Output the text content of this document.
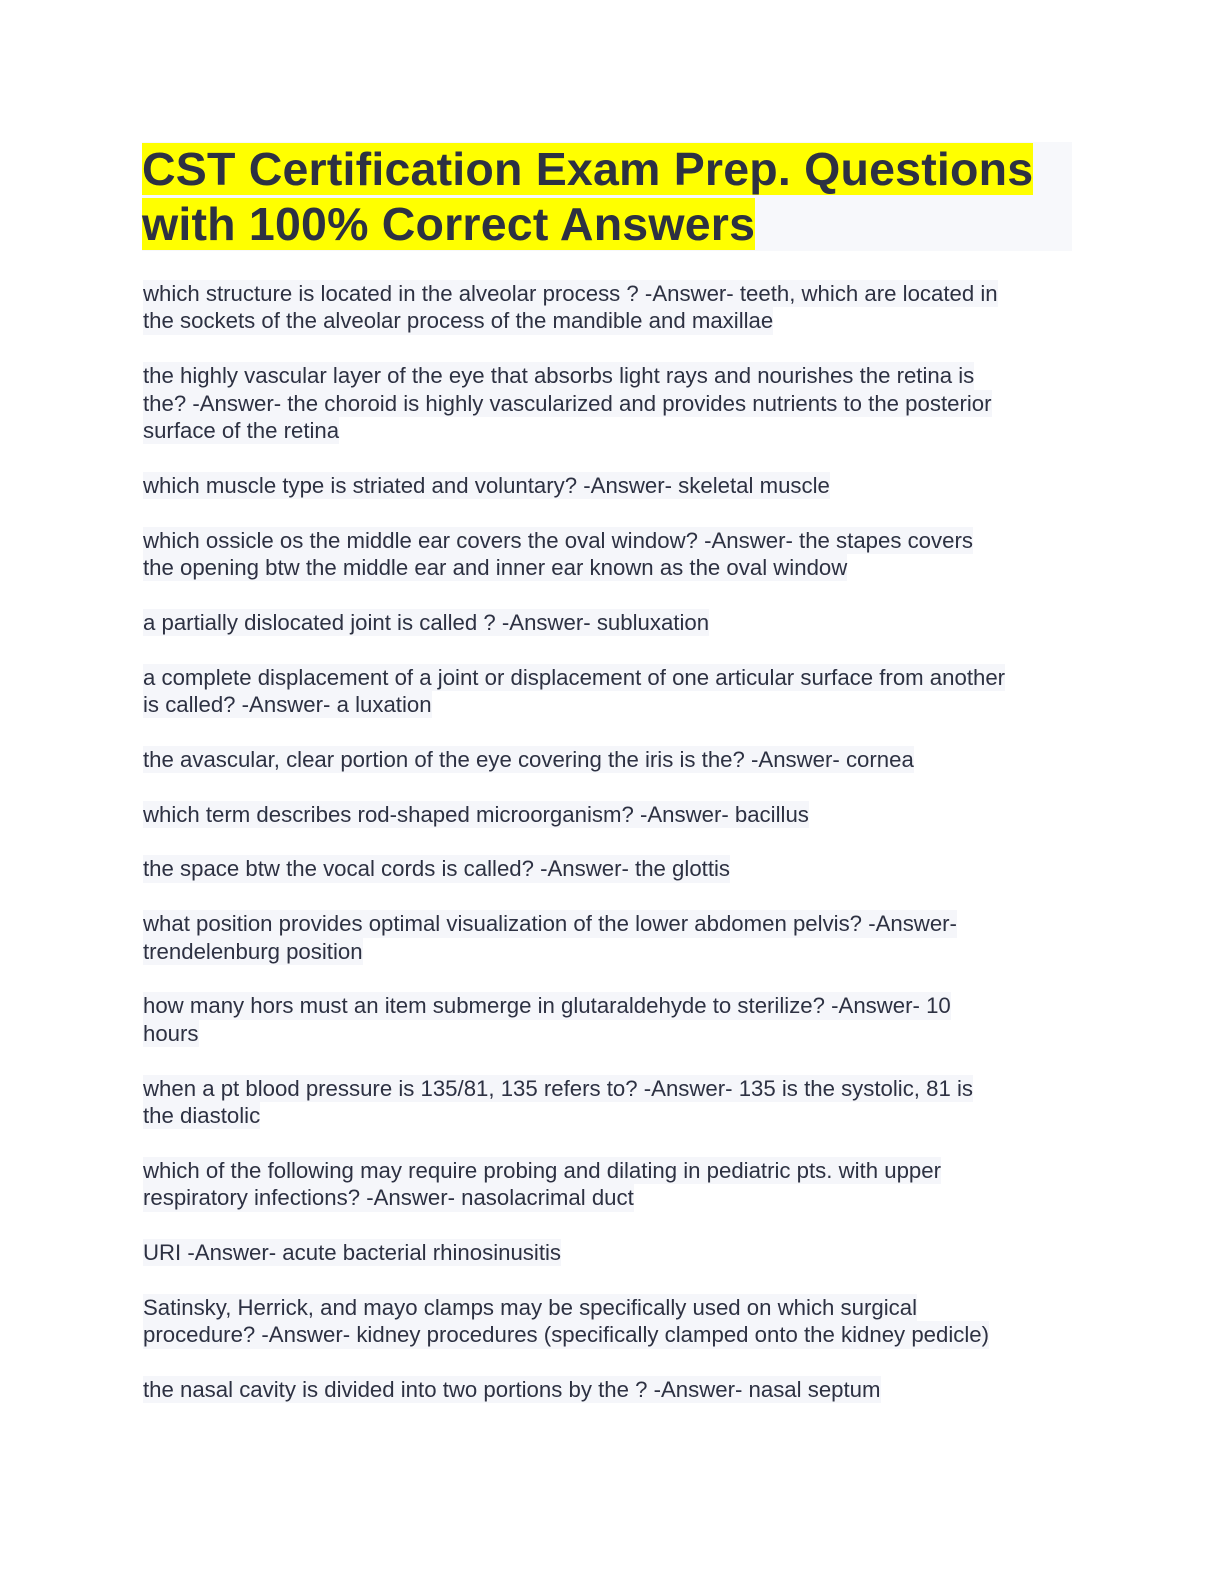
CST Certification Exam Prep. Questions
with 100% Correct Answers
which structure is located in the alveolar process ? -Answer- teeth, which are located in
the sockets of the alveolar process of the mandible and maxillae
the highly vascular layer of the eye that absorbs light rays and nourishes the retina is
the? -Answer- the choroid is highly vascularized and provides nutrients to the posterior
surface of the retina
which muscle type is striated and voluntary? -Answer- skeletal muscle
which ossicle os the middle ear covers the oval window? -Answer- the stapes covers
the opening btw the middle ear and inner ear known as the oval window
a partially dislocated joint is called ? -Answer- subluxation
a complete displacement of a joint or displacement of one articular surface from another
is called? -Answer- a luxation
the avascular, clear portion of the eye covering the iris is the? -Answer- cornea
which term describes rod-shaped microorganism? -Answer- bacillus
the space btw the vocal cords is called? -Answer- the glottis
what position provides optimal visualization of the lower abdomen pelvis? -Answer-
trendelenburg position
how many hors must an item submerge in glutaraldehyde to sterilize? -Answer- 10
hours
when a pt blood pressure is 135/81, 135 refers to? -Answer- 135 is the systolic, 81 is
the diastolic
which of the following may require probing and dilating in pediatric pts. with upper
respiratory infections? -Answer- nasolacrimal duct
URI -Answer- acute bacterial rhinosinusitis
Satinsky, Herrick, and mayo clamps may be specifically used on which surgical
procedure? -Answer- kidney procedures (specifically clamped onto the kidney pedicle)
the nasal cavity is divided into two portions by the ? -Answer- nasal septum
